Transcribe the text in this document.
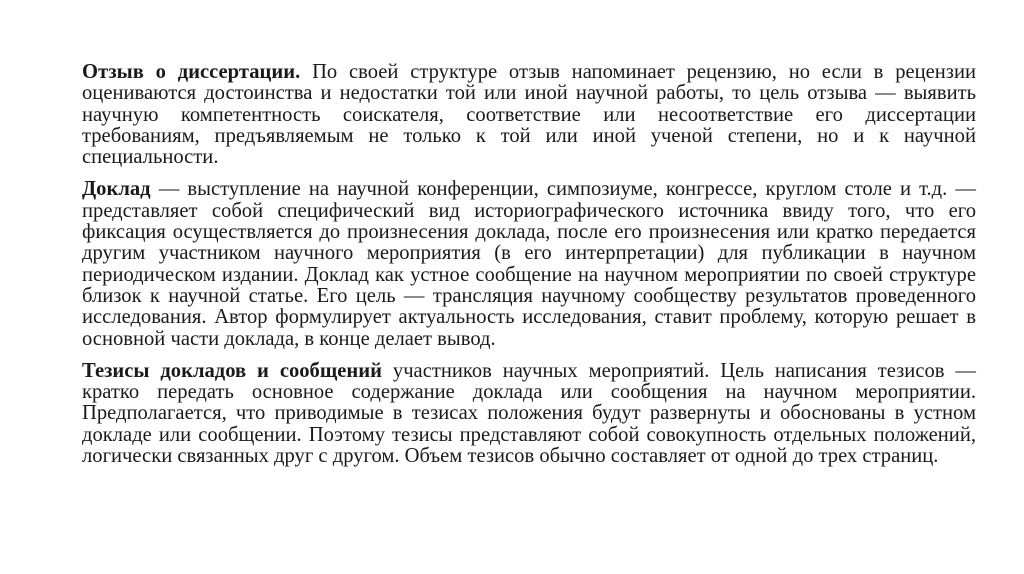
Отзыв о диссертации. По своей структуре отзыв напоминает рецензию, но если в рецензии оцениваются достоинства и недостатки той или иной научной работы, то цель отзыва — выявить научную компетентность соискателя, соответствие или несоответствие его диссертации требованиям, предъявляемым не только к той или иной ученой степени, но и к научной специальности.

Доклад — выступление на научной конференции, симпозиуме, конгрессе, круглом столе и т.д. — представляет собой специфический вид историографического источника ввиду того, что его фиксация осуществляется до произнесения доклада, после его произнесения или кратко передается другим участником научного мероприятия (в его интерпретации) для публикации в научном периодическом издании. Доклад как устное сообщение на научном мероприятии по своей структуре близок к научной статье. Его цель — трансляция научному сообществу результатов проведенного исследования. Автор формулирует актуальность исследования, ставит проблему, которую решает в основной части доклада, в конце делает вывод.

Тезисы докладов и сообщений участников научных мероприятий. Цель написания тезисов — кратко передать основное содержание доклада или сообщения на научном мероприятии. Предполагается, что приводимые в тезисах положения будут развернуты и обоснованы в устном докладе или сообщении. Поэтому тезисы представляют собой совокупность отдельных положений, логически связанных друг с другом. Объем тезисов обычно составляет от одной до трех страниц.
